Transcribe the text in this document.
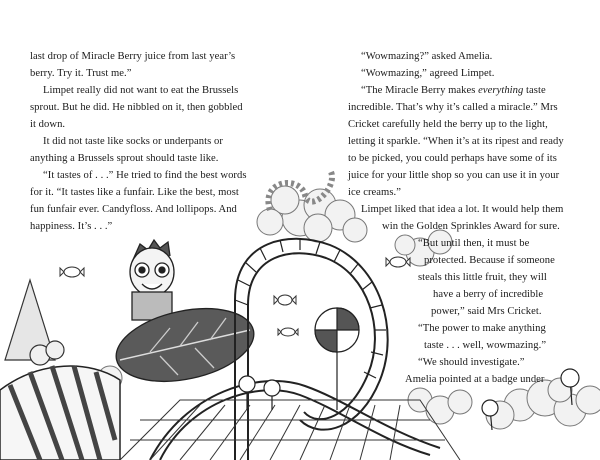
last drop of Miracle Berry juice from last year’s
berry. Try it. Trust me.”
Limpet really did not want to eat the Brussels
sprout. But he did. He nibbled on it, then gobbled
it down.
It did not taste like socks or underpants or
anything a Brussels sprout should taste like.
“It tastes of . . .” He tried to find the best words
for it. “It tastes like a funfair. Like the best, most
fun funfair ever. Candyfloss. And lollipops. And
happiness. It’s . . .”
“Wowmazing?” asked Amelia.
“Wowmazing,” agreed Limpet.
“The Miracle Berry makes everything taste
incredible. That’s why it’s called a miracle.” Mrs
Cricket carefully held the berry up to the light,
letting it sparkle. “When it’s at its ripest and ready
to be picked, you could perhaps have some of its
juice for your little shop so you can use it in your
ice creams.”
Limpet liked that idea a lot. It would help them
win the Golden Sprinkles Award for sure.
“But until then, it must be
protected. Because if someone
steals this little fruit, they will
have a berry of incredible
power,” said Mrs Cricket.
“The power to make anything
taste . . . well, wowmazing.”
“We should investigate.”
Amelia pointed at a badge under
